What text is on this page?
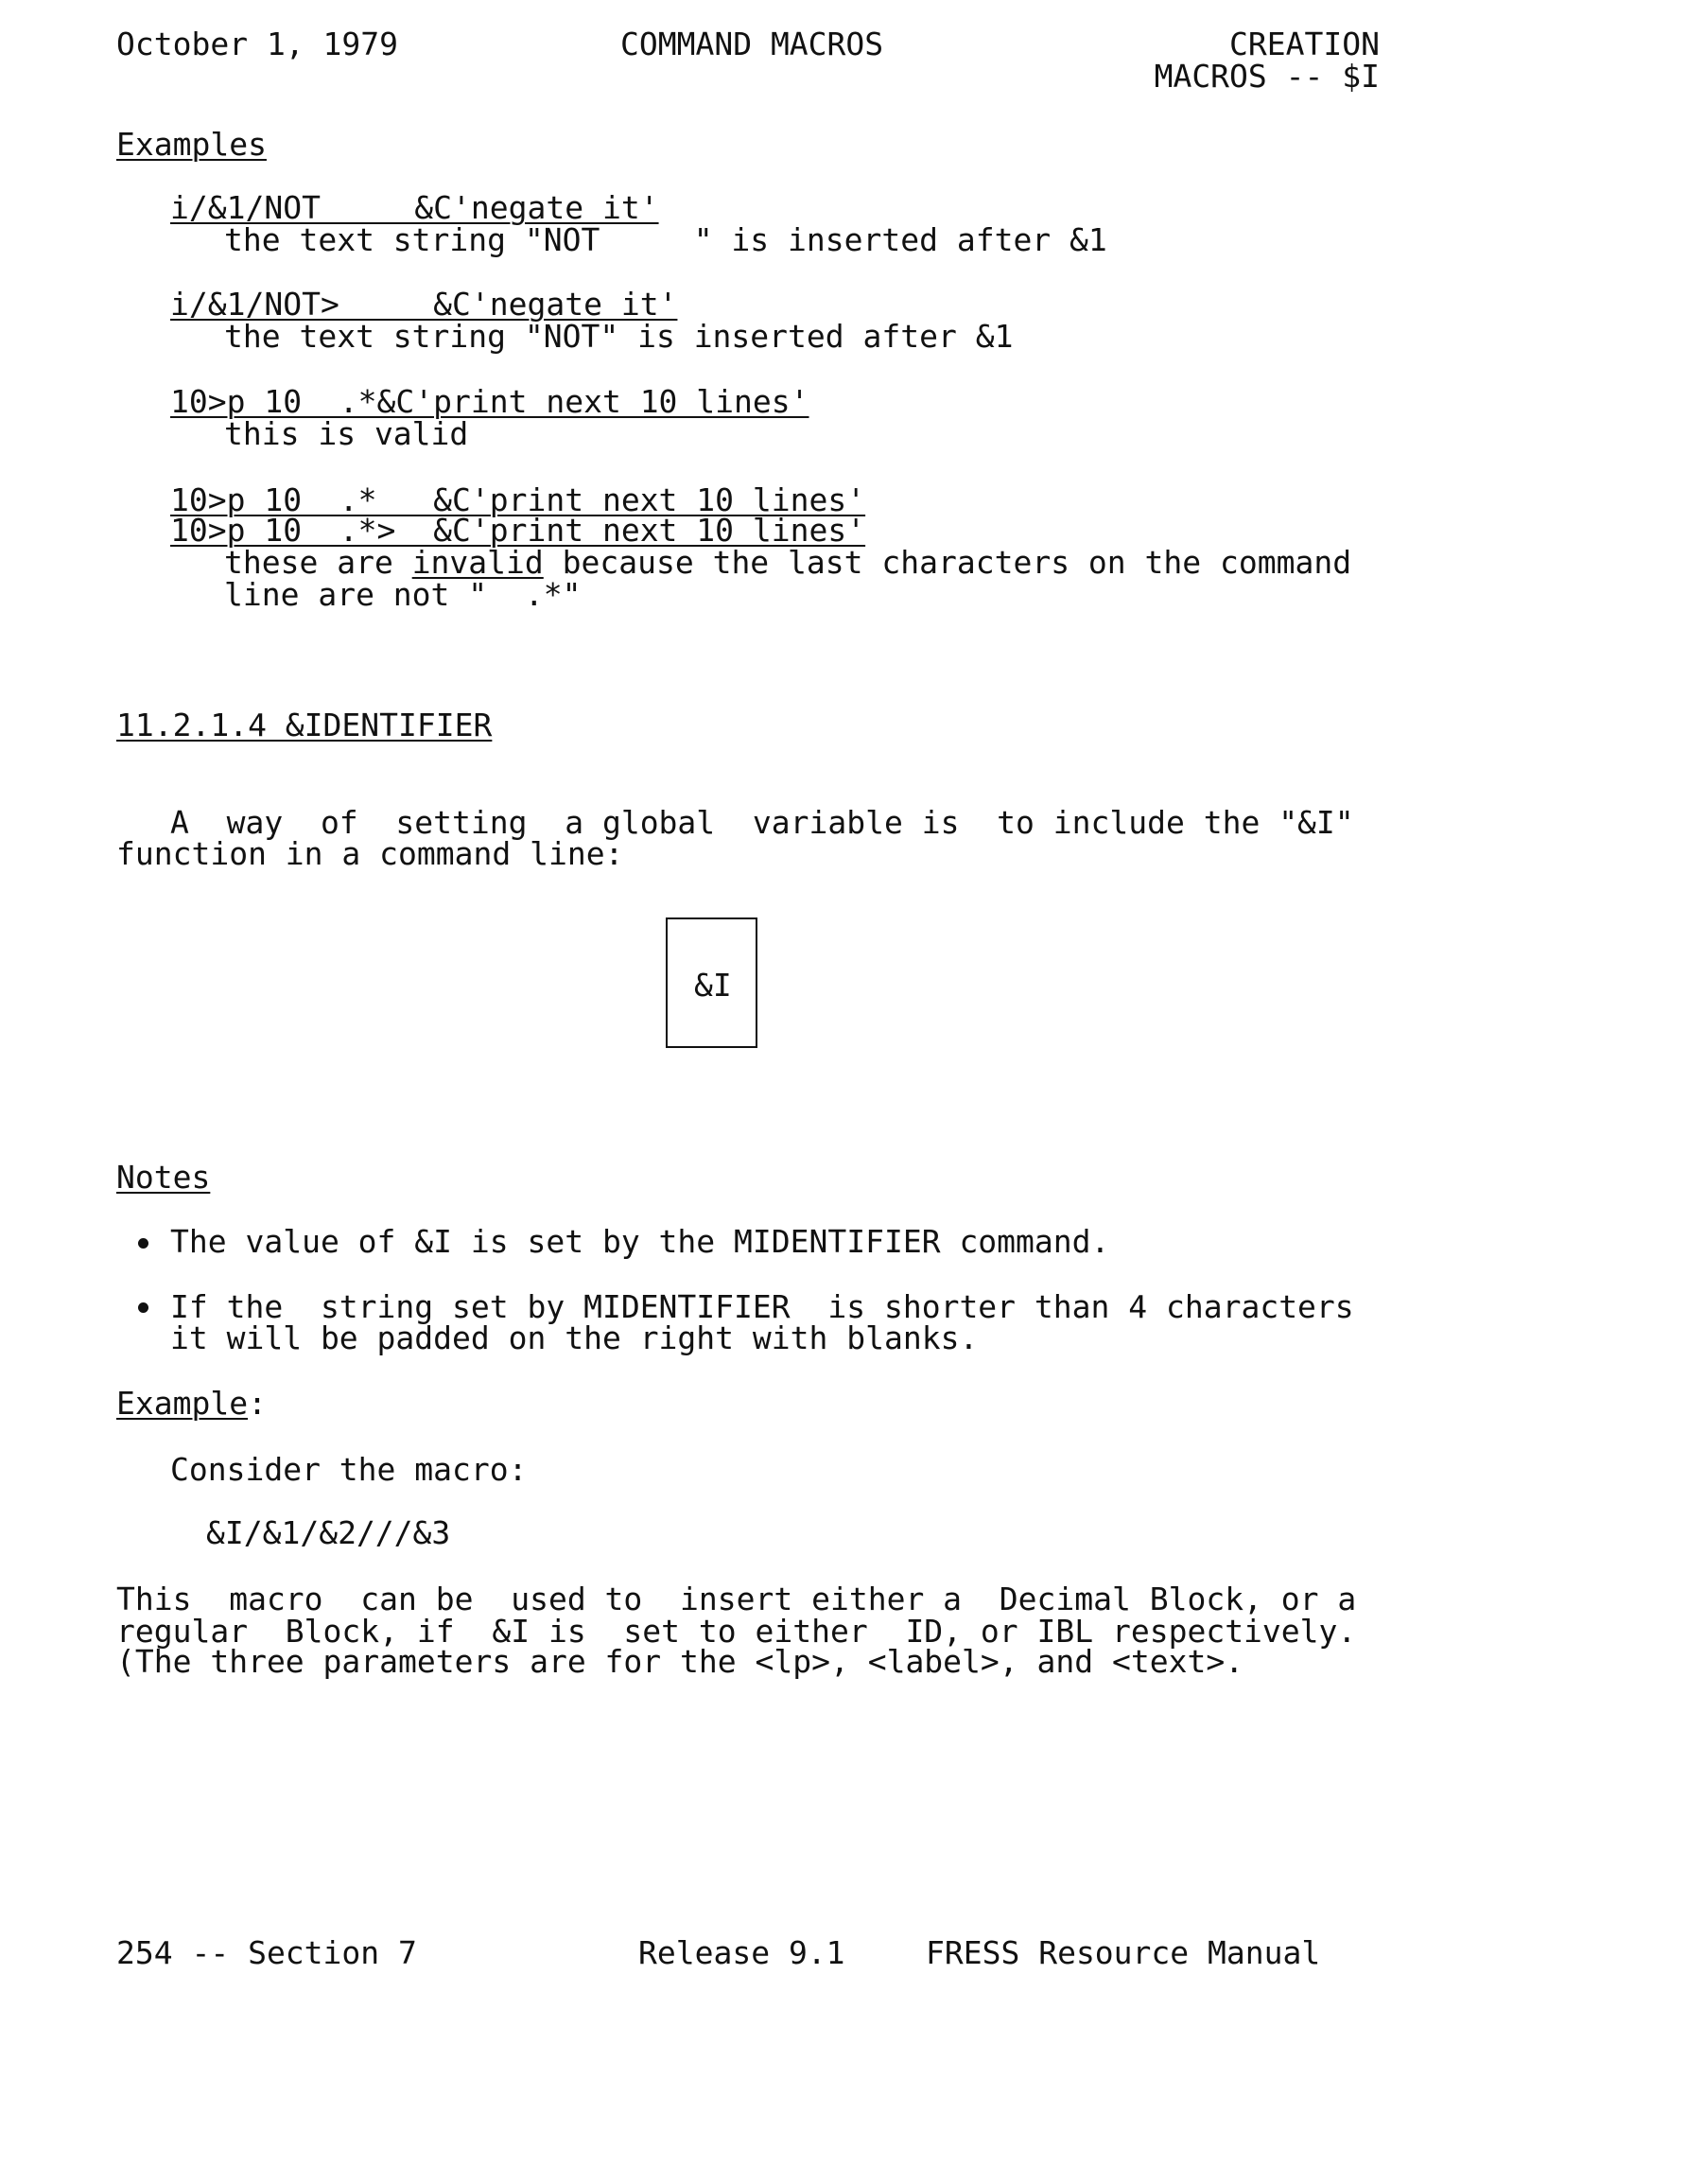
October 1, 1979	COMMAND MACROS	CREATION
MACROS -- $I
Examples
i/&1/NOT     &C'negate it'
the text string "NOT     " is inserted after &1
i/&1/NOT>     &C'negate it'
the text string "NOT" is inserted after &1
10>p 10  .*&C'print next 10 lines'
this is valid
10>p 10  .*   &C'print next 10 lines'
10>p 10  .*>  &C'print next 10 lines'
these are invalid because the last characters on the command
line are not "  .*"
11.2.1.4 &IDENTIFIER
A  way  of  setting  a global  variable is  to include the "&I"
function in a command line:
&I
Notes
The value of &I is set by the MIDENTIFIER command.
If the  string set by MIDENTIFIER  is shorter than 4 characters
it will be padded on the right with blanks.
Example:
Consider the macro:
&I/&1/&2///&3
This  macro  can be  used to  insert either a  Decimal Block, or a
regular  Block, if  &I is  set to either  ID, or IBL respectively.
(The three parameters are for the <lp>, <label>, and <text>.
254 -- Section 7	Release 9.1	FRESS Resource Manual
